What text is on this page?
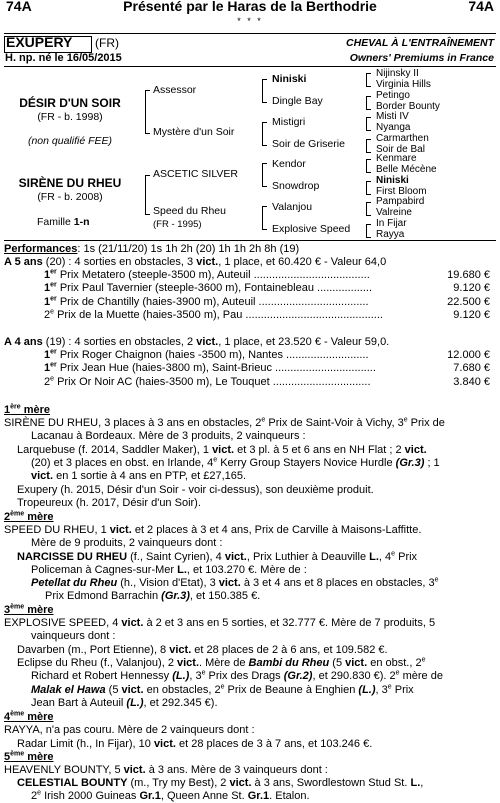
74A	Présenté par le Haras de la Berthodrie	74A
* * *
EXUPERY (FR)	CHEVAL À L'ENTRAÎNEMENT
H. np. né le 16/05/2015	Owners' Premiums in France
DÉSIR D'UN SOIR
(FR - b. 1998)
(non qualifié FEE)
SIRÈNE DU RHEU
(FR - b. 2008)
Famille 1-n
Assessor
Mystère d'un Soir
ASCETIC SILVER
Speed du Rheu
(FR - 1995)
Niniski
Dingle Bay
Mistigri
Soir de Griserie
Kendor
Snowdrop
Valanjou
Explosive Speed
Nijinsky II
Virginia Hills
Petingo
Border Bounty
Misti IV
Nyanga
Carmarthen
Soir de Bal
Kenmare
Belle Mécène
Niniski
First Bloom
Pampabird
Valreine
In Fijar
Rayya
Performances: 1s (21/11/20) 1s 1h 2h (20) 1h 1h 2h 8h (19)
A 5 ans (20) : 4 sorties en obstacles, 3 vict., 1 place, et 60.420 € - Valeur 64,0
1er Prix Metatero (steeple-3500 m), Auteuil ......................................	19.680 €
1er Prix Paul Tavernier (steeple-3600 m), Fontainebleau ..................	9.120 €
1er Prix de Chantilly (haies-3900 m), Auteuil ....................................	22.500 €
2e Prix de la Muette (haies-3500 m), Pau .............................................	9.120 €
A 4 ans (19) : 4 sorties en obstacles, 2 vict., 1 place, et 23.520 € - Valeur 59,0.
1er Prix Roger Chaignon (haies -3500 m), Nantes ...........................	12.000 €
1er Prix Jean Hue (haies-3800 m), Saint-Brieuc .................................	7.680 €
2e Prix Or Noir AC (haies-3500 m), Le Touquet ................................	3.840 €
1ère mère
SIRÈNE DU RHEU, 3 places à 3 ans en obstacles, 2e Prix de Saint-Voir à Vichy, 3e Prix de
Lacanau à Bordeaux. Mère de 3 produits, 2 vainqueurs :
Larquebuse (f. 2014, Saddler Maker), 1 vict. et 3 pl. à 5 et 6 ans en NH Flat ; 2 vict.
(20) et 3 places en obst. en Irlande, 4e Kerry Group Stayers Novice Hurdle (Gr.3) ; 1
vict. en 1 sortie à 4 ans en PTP, et £27,165.
Exupery (h. 2015, Désir d'un Soir - voir ci-dessus), son deuxième produit.
Tropeureux (h. 2017, Désir d'un Soir).
2ème mère
SPEED DU RHEU, 1 vict. et 2 places à 3 et 4 ans, Prix de Carville à Maisons-Laffitte.
Mère de 9 produits, 2 vainqueurs dont :
NARCISSE DU RHEU (f., Saint Cyrien), 4 vict., Prix Luthier à Deauville L., 4e Prix
Policeman à Cagnes-sur-Mer L., et 103.270 €. Mère de :
Petellat du Rheu (h., Vision d'Etat), 3 vict. à 3 et 4 ans et 8 places en obstacles, 3e
Prix Edmond Barrachin (Gr.3), et 150.385 €.
3ème mère
EXPLOSIVE SPEED, 4 vict. à 2 et 3 ans en 5 sorties, et 32.777 €. Mère de 7 produits, 5
vainqueurs dont :
Davarben (m., Port Etienne), 8 vict. et 28 places de 2 à 6 ans, et 109.582 €.
Eclipse du Rheu (f., Valanjou), 2 vict.. Mère de Bambi du Rheu (5 vict. en obst., 2e
Richard et Robert Hennessy (L.), 3e Prix des Drags (Gr.2), et 290.830 €). 2e mère de
Malak el Hawa (5 vict. en obstacles, 2e Prix de Beaune à Enghien (L.), 3e Prix
Jean Bart à Auteuil (L.), et 292.345 €).
4ème mère
RAYYA, n'a pas couru. Mère de 2 vainqueurs dont :
Radar Limit (h., In Fijar), 10 vict. et 28 places de 3 à 7 ans, et 103.246 €.
5ème mère
HEAVENLY BOUNTY, 5 vict. à 3 ans. Mère de 3 vainqueurs dont :
CELESTIAL BOUNTY (m., Try my Best), 2 vict. à 3 ans, Swordlestown Stud St. L.,
2e Irish 2000 Guineas Gr.1, Queen Anne St. Gr.1. Etalon.
